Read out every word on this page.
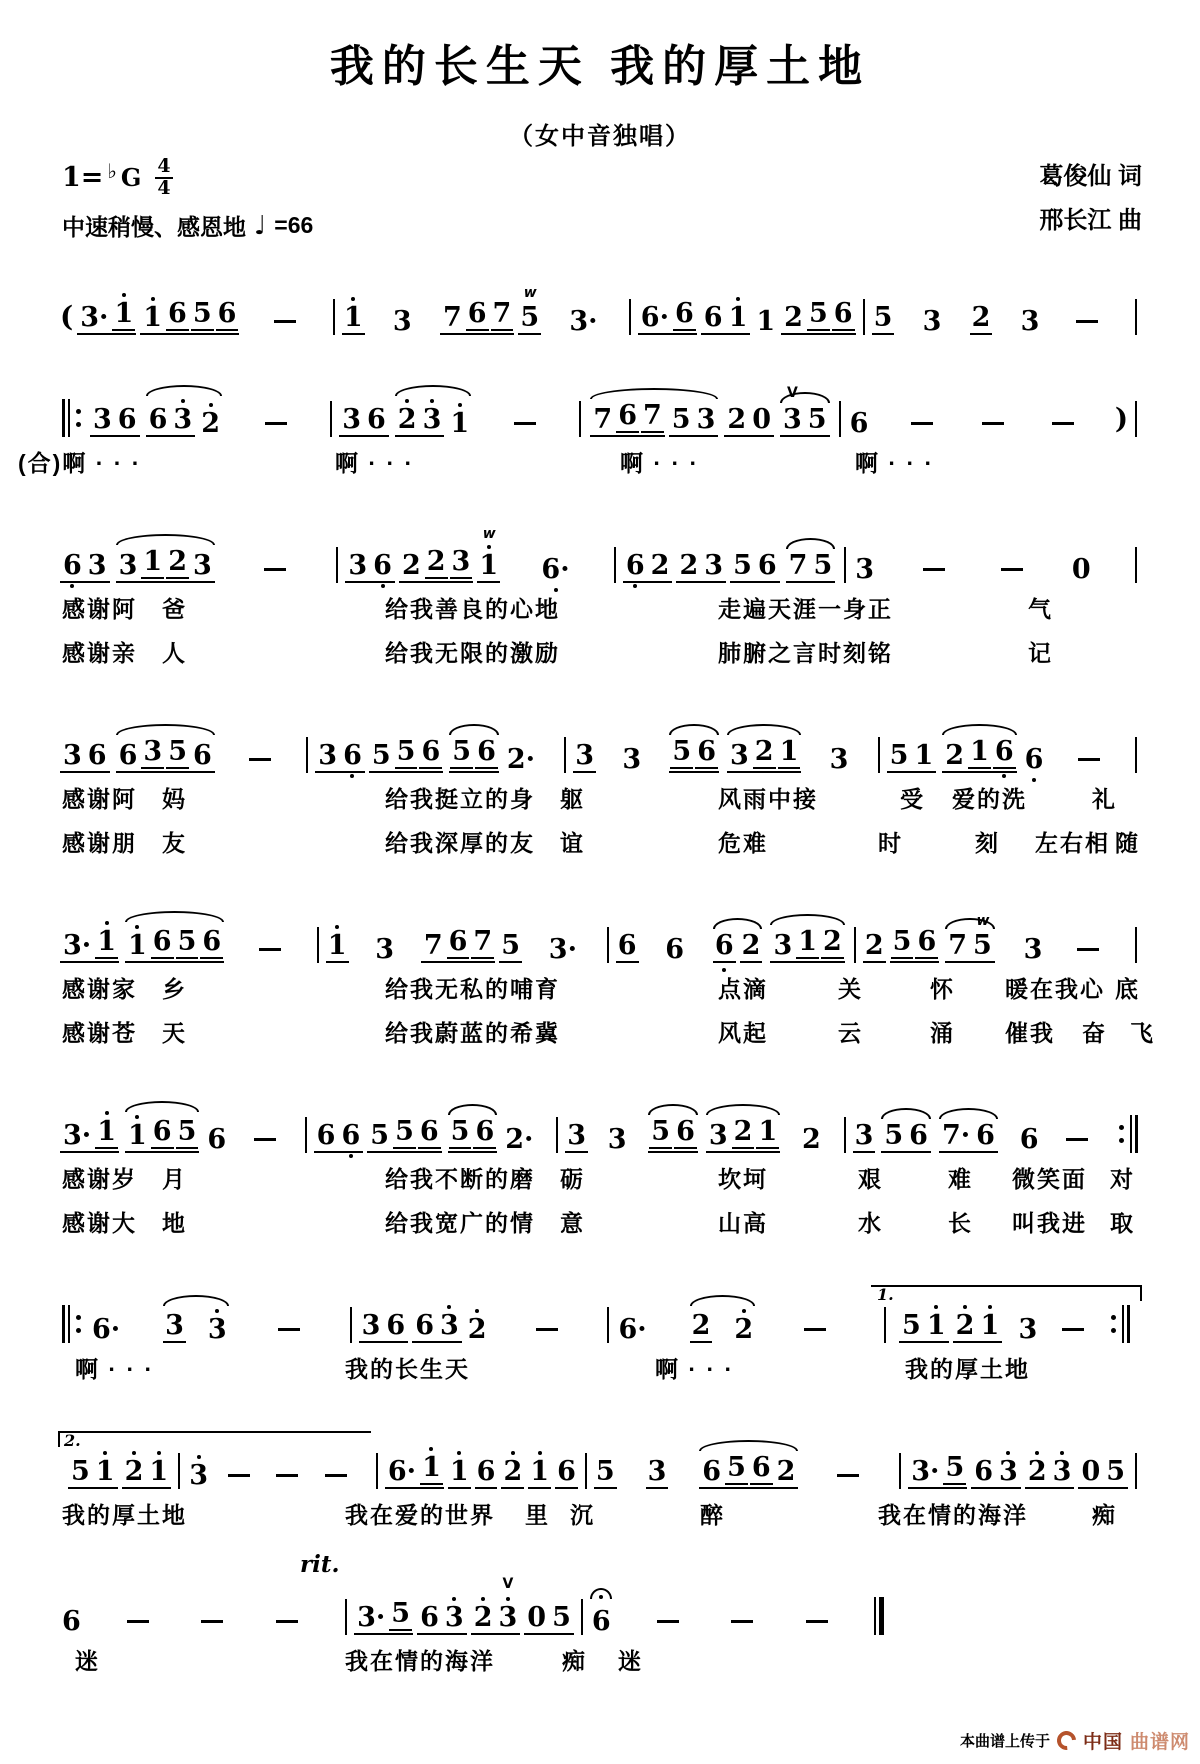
我的长生天 我的厚土地
（女中音独唱）
1= ♭ G 4
4
中速稍慢、感恩地 ♩ =66
葛俊仙 词
邢长江 曲
( 3· 1 1 6 5 6	1 3 7 6 7
w
5 3· 6· 6 6 1 1 2 5 6 5 3 2 3
3 6 6 3 2	3 6 2 3 1	7 6 7 5 3 2 0
V
3 5 6	)
(合)啊 · · ·	啊 · · ·	啊 · · ·	啊 · · ·
6 3 3 1 2 3	3 6 2 2 3
w
1 6· 6 2 2 3 5 6 7 5 3	0
感谢阿　爸	给我善良的心地	走遍天涯一身正	气
感谢亲　人	给我无限的激励	肺腑之言时刻铭	记
3 6 6 3 5 6	3 6 5 5 6 5 6 2· 3 3 5 6 3 2 1 3 5 1 2 1 6 6
感谢阿　妈	给我挺立的身　躯	风雨中接	受 爱的洗	礼
感谢朋　友	给我深厚的友　谊	危难	时	刻 左右相 随
3· 1 1 6 5 6	1 3 7 6 7 5 3· 6 6 6 2 3 1 2 2 5 6 7
w
5 3
感谢家　乡	给我无私的哺育	点滴	关	怀 暖在我心 底
感谢苍　天	给我蔚蓝的希冀	风起	云	涌 催我 奋 飞
3· 1 1 6 5 6	6 6 5 5 6 5 6 2· 3 3 5 6 3 2 1 2 3 5 6 7· 6 6
感谢岁　月	给我不断的磨　砺	坎坷	艰	难 微笑面 对
感谢大　地	给我宽广的情　意	山高	水	长 叫我进 取
6· 3 3	3 6 6 3 2	6· 2 2
1.
5 1 2 1 3
啊 · · ·	我的长生天	啊 · · ·	我的厚土地
2.
5 1 2 1 3	6· 1 1 6 2 1 6 5 3 6 5 6 2	3· 5 6 3 2 3 0 5
我的厚土地	我在爱的世界 里 沉	醉	我在情的海洋	痴
rit.
6	3· 5 6 3 2
V
3 0 5 6
迷	我在情的海洋	痴 迷
本曲谱上传于 中国 曲谱网
